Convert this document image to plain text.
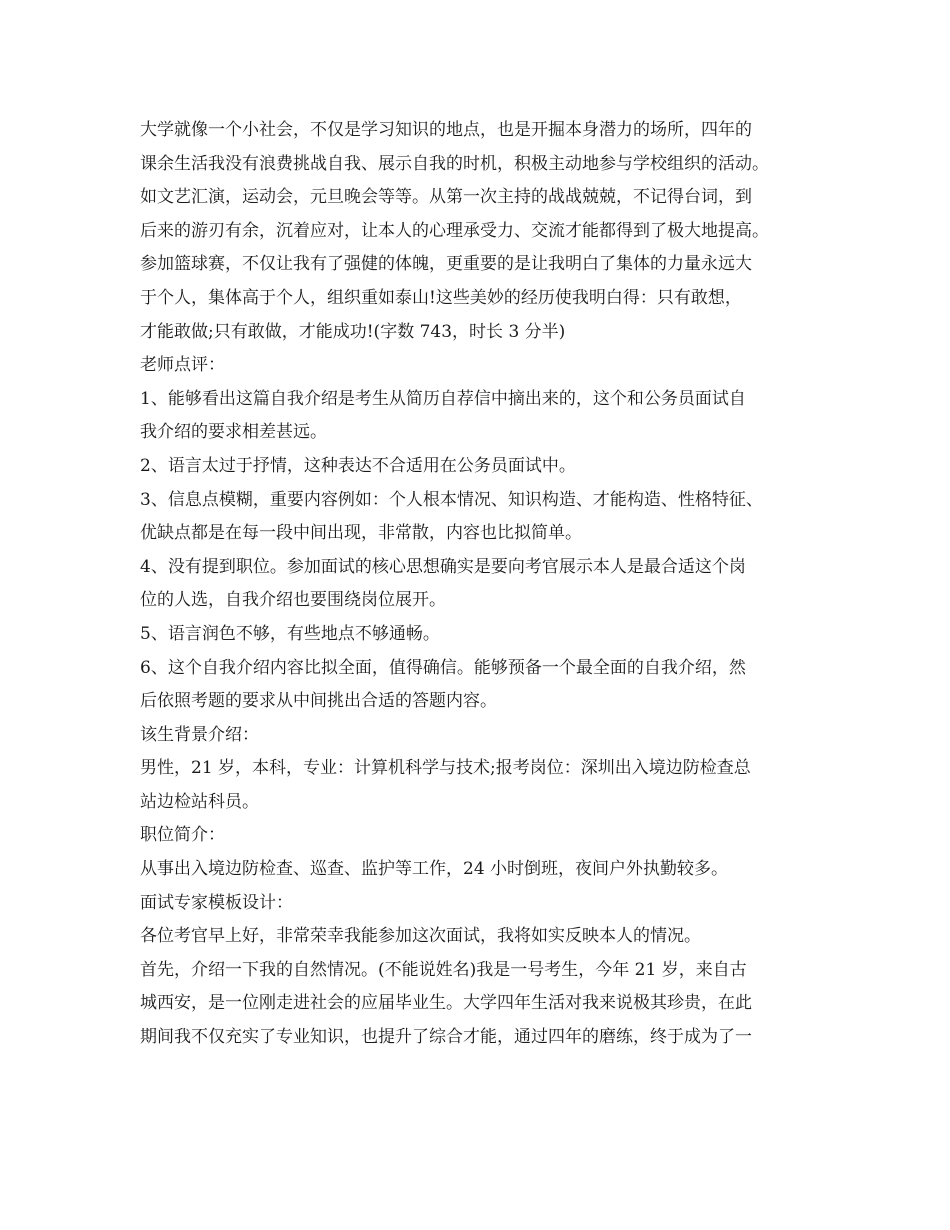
大学就像一个小社会，不仅是学习知识的地点，也是开掘本身潜力的场所，四年的
课余生活我没有浪费挑战自我、展示自我的时机，积极主动地参与学校组织的活动。
如文艺汇演，运动会，元旦晚会等等。从第一次主持的战战兢兢，不记得台词，到
后来的游刃有余，沉着应对，让本人的心理承受力、交流才能都得到了极大地提高。
参加篮球赛，不仅让我有了强健的体魄，更重要的是让我明白了集体的力量永远大
于个人，集体高于个人，组织重如泰山!这些美妙的经历使我明白得：只有敢想，
才能敢做;只有敢做，才能成功!(字数 743，时长 3 分半)
老师点评：
1、能够看出这篇自我介绍是考生从简历自荐信中摘出来的，这个和公务员面试自
我介绍的要求相差甚远。
2、语言太过于抒情，这种表达不合适用在公务员面试中。
3、信息点模糊，重要内容例如：个人根本情况、知识构造、才能构造、性格特征、
优缺点都是在每一段中间出现，非常散，内容也比拟简单。
4、没有提到职位。参加面试的核心思想确实是要向考官展示本人是最合适这个岗
位的人选，自我介绍也要围绕岗位展开。
5、语言润色不够，有些地点不够通畅。
6、这个自我介绍内容比拟全面，值得确信。能够预备一个最全面的自我介绍，然
后依照考题的要求从中间挑出合适的答题内容。
该生背景介绍：
男性，21 岁，本科，专业：计算机科学与技术;报考岗位：深圳出入境边防检查总
站边检站科员。
职位简介：
从事出入境边防检查、巡查、监护等工作，24 小时倒班，夜间户外执勤较多。
面试专家模板设计：
各位考官早上好，非常荣幸我能参加这次面试，我将如实反映本人的情况。
首先，介绍一下我的自然情况。(不能说姓名)我是一号考生，今年 21 岁，来自古
城西安，是一位刚走进社会的应届毕业生。大学四年生活对我来说极其珍贵，在此
期间我不仅充实了专业知识，也提升了综合才能，通过四年的磨练，终于成为了一
